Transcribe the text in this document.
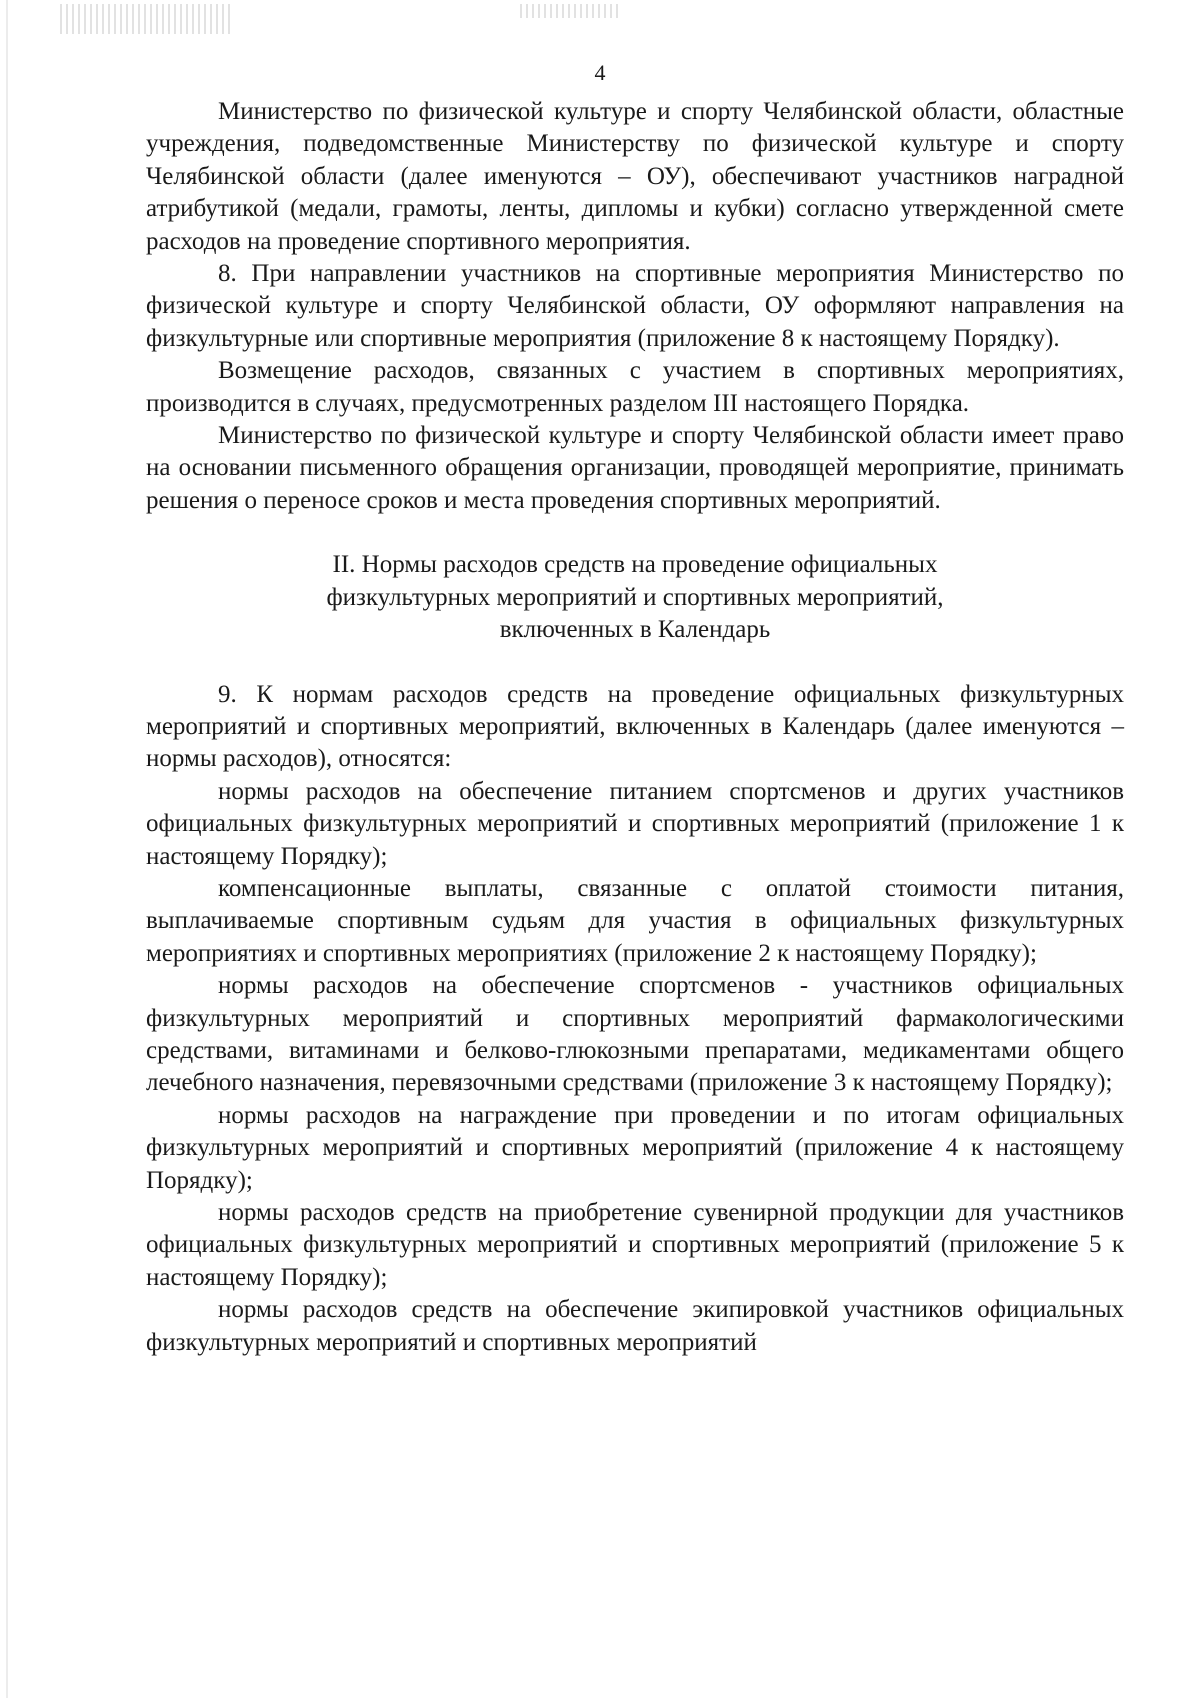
4

Министерство по физической культуре и спорту Челябинской области, областные учреждения, подведомственные Министерству по физической культуре и спорту Челябинской области (далее именуются – ОУ), обеспечивают участников наградной атрибутикой (медали, грамоты, ленты, дипломы и кубки) согласно утвержденной смете расходов на проведение спортивного мероприятия.

8. При направлении участников на спортивные мероприятия Министерство по физической культуре и спорту Челябинской области, ОУ оформляют направления на физкультурные или спортивные мероприятия (приложение 8 к настоящему Порядку).

Возмещение расходов, связанных с участием в спортивных мероприятиях, производится в случаях, предусмотренных разделом III настоящего Порядка.

Министерство по физической культуре и спорту Челябинской области имеет право на основании письменного обращения организации, проводящей мероприятие, принимать решения о переносе сроков и места проведения спортивных мероприятий.

II. Нормы расходов средств на проведение официальных
физкультурных мероприятий и спортивных мероприятий,
включенных в Календарь

9. К нормам расходов средств на проведение официальных физкультурных мероприятий и спортивных мероприятий, включенных в Календарь (далее именуются – нормы расходов), относятся:

нормы расходов на обеспечение питанием спортсменов и других участников официальных физкультурных мероприятий и спортивных мероприятий (приложение 1 к настоящему Порядку);

компенсационные выплаты, связанные с оплатой стоимости питания, выплачиваемые спортивным судьям для участия в официальных физкультурных мероприятиях и спортивных мероприятиях (приложение 2 к настоящему Порядку);

нормы расходов на обеспечение спортсменов - участников официальных физкультурных мероприятий и спортивных мероприятий фармакологическими средствами, витаминами и белково-глюкозными препаратами, медикаментами общего лечебного назначения, перевязочными средствами (приложение 3 к настоящему Порядку);

нормы расходов на награждение при проведении и по итогам официальных физкультурных мероприятий и спортивных мероприятий (приложение 4 к настоящему Порядку);

нормы расходов средств на приобретение сувенирной продукции для участников официальных физкультурных мероприятий и спортивных мероприятий (приложение 5 к настоящему Порядку);

нормы расходов средств на обеспечение экипировкой участников официальных физкультурных мероприятий и спортивных мероприятий
